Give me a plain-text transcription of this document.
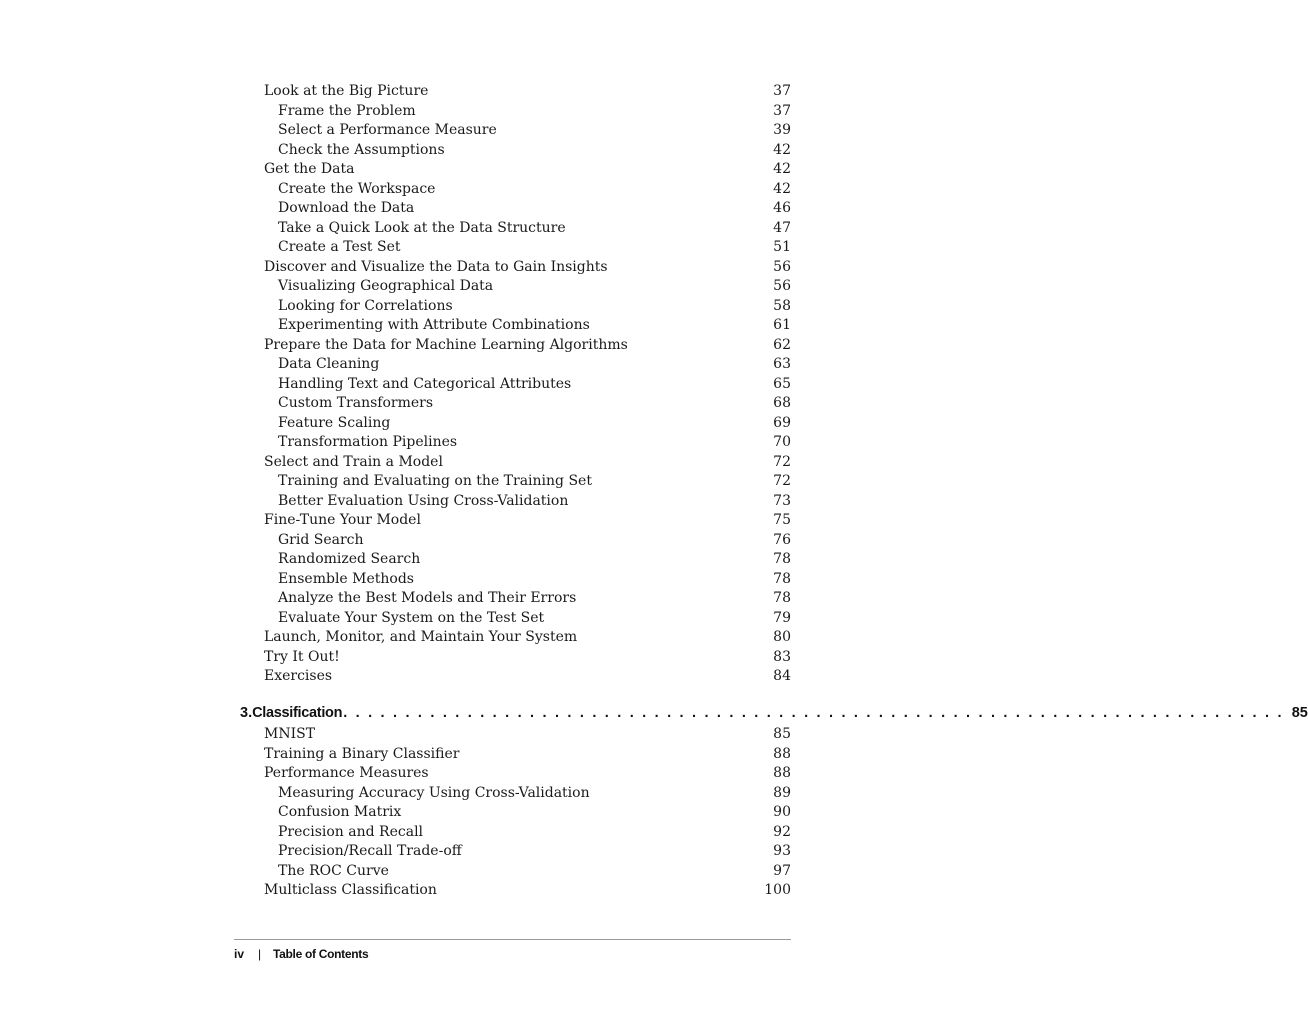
Look at the Big Picture	37
Frame the Problem	37
Select a Performance Measure	39
Check the Assumptions	42
Get the Data	42
Create the Workspace	42
Download the Data	46
Take a Quick Look at the Data Structure	47
Create a Test Set	51
Discover and Visualize the Data to Gain Insights	56
Visualizing Geographical Data	56
Looking for Correlations	58
Experimenting with Attribute Combinations	61
Prepare the Data for Machine Learning Algorithms	62
Data Cleaning	63
Handling Text and Categorical Attributes	65
Custom Transformers	68
Feature Scaling	69
Transformation Pipelines	70
Select and Train a Model	72
Training and Evaluating on the Training Set	72
Better Evaluation Using Cross-Validation	73
Fine-Tune Your Model	75
Grid Search	76
Randomized Search	78
Ensemble Methods	78
Analyze the Best Models and Their Errors	78
Evaluate Your System on the Test Set	79
Launch, Monitor, and Maintain Your System	80
Try It Out!	83
Exercises	84
3. Classification . . . . . . . . . . . . . . . . . . . . . . . . . . . . . . . . . . . . . . . . . . . . . . . . . . . . . . . . . . . . . . . . . . . . . . . . . . . . 85
MNIST	85
Training a Binary Classifier	88
Performance Measures	88
Measuring Accuracy Using Cross-Validation	89
Confusion Matrix	90
Precision and Recall	92
Precision/Recall Trade-off	93
The ROC Curve	97
Multiclass Classification	100
iv	| Table of Contents
